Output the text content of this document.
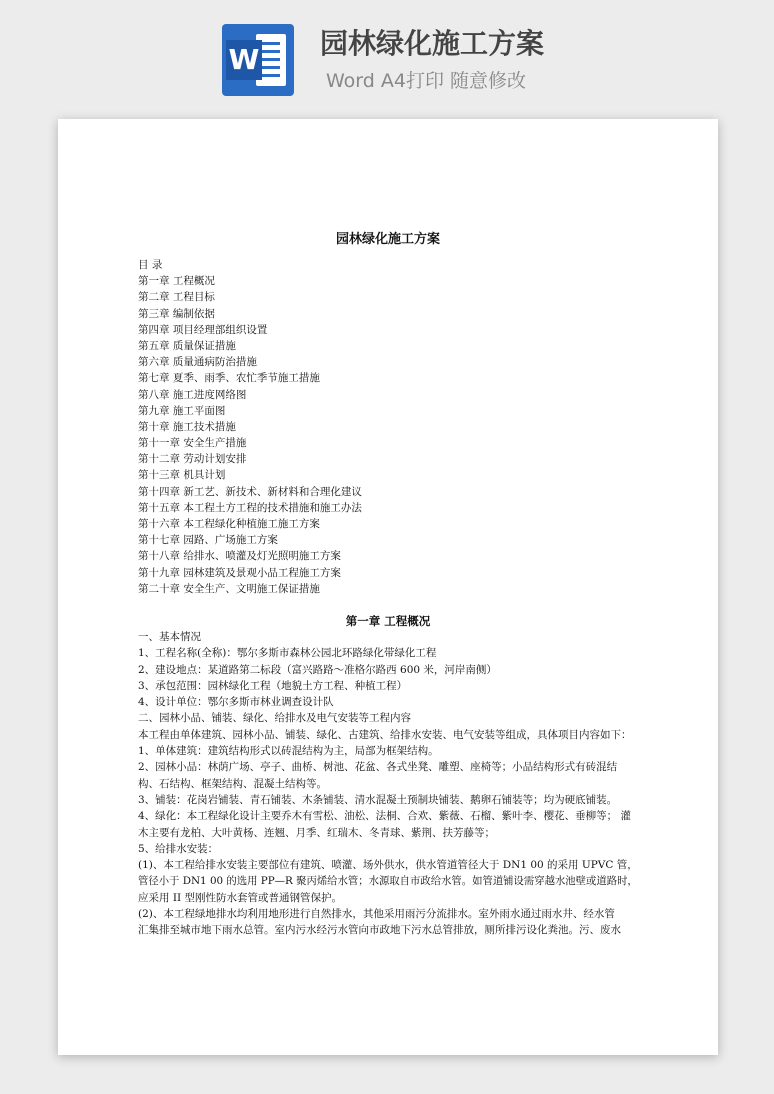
W 园林绿化施工方案
Word A4打印 随意修改
园林绿化施工方案
目 录
第一章 工程概况
第二章 工程目标
第三章 编制依据
第四章 项目经理部组织设置
第五章 质量保证措施
第六章 质量通病防治措施
第七章 夏季、雨季、农忙季节施工措施
第八章 施工进度网络图
第九章 施工平面图
第十章 施工技术措施
第十一章 安全生产措施
第十二章 劳动计划安排
第十三章 机具计划
第十四章 新工艺、新技术、新材料和合理化建议
第十五章 本工程土方工程的技术措施和施工办法
第十六章 本工程绿化种植施工施工方案
第十七章 园路、广场施工方案
第十八章 给排水、喷灌及灯光照明施工方案
第十九章 园林建筑及景观小品工程施工方案
第二十章 安全生产、文明施工保证措施
第一章 工程概况
一、基本情况
1、工程名称(全称)：鄂尔多斯市森林公园北环路绿化带绿化工程
2、建设地点：某道路第二标段（富兴路路～准格尔路西 600 米，河岸南侧）
3、承包范围：园林绿化工程（地貌土方工程、种植工程）
4、设计单位：鄂尔多斯市林业调查设计队
二、园林小品、铺装、绿化、给排水及电气安装等工程内容
本工程由单体建筑、园林小品、铺装、绿化、古建筑、给排水安装、电气安装等组成，具体项目内容如下：
1、单体建筑：建筑结构形式以砖混结构为主，局部为框架结构。
2、园林小品：林荫广场、亭子、曲桥、树池、花盆、各式坐凳、雕塑、座椅等；小品结构形式有砖混结
构、石结构、框架结构、混凝土结构等。
3、铺装：花岗岩铺装、青石铺装、木条铺装、清水混凝土预制块铺装、鹅卵石铺装等；均为硬底铺装。
4、绿化：本工程绿化设计主要乔木有雪松、油松、法桐、合欢、紫薇、石榴、紫叶李、樱花、垂柳等； 灌
木主要有龙柏、大叶黄杨、连翘、月季、红瑞木、冬青球、紫荆、扶芳藤等；
5、给排水安装：
(1)、本工程给排水安装主要部位有建筑、喷灌、场外供水，供水管道管径大于 DN1 00 的采用 UPVC 管，
管径小于 DN1 00 的选用 PP—R 聚丙烯给水管；水源取自市政给水管。如管道铺设需穿越水池壁或道路时，
应采用 II 型刚性防水套管或普通钢管保护。
(2)、本工程绿地排水均利用地形进行自然排水，其他采用雨污分流排水。室外雨水通过雨水井、经水管
汇集排至城市地下雨水总管。室内污水经污水管向市政地下污水总管排放，厕所排污设化粪池。污、废水
